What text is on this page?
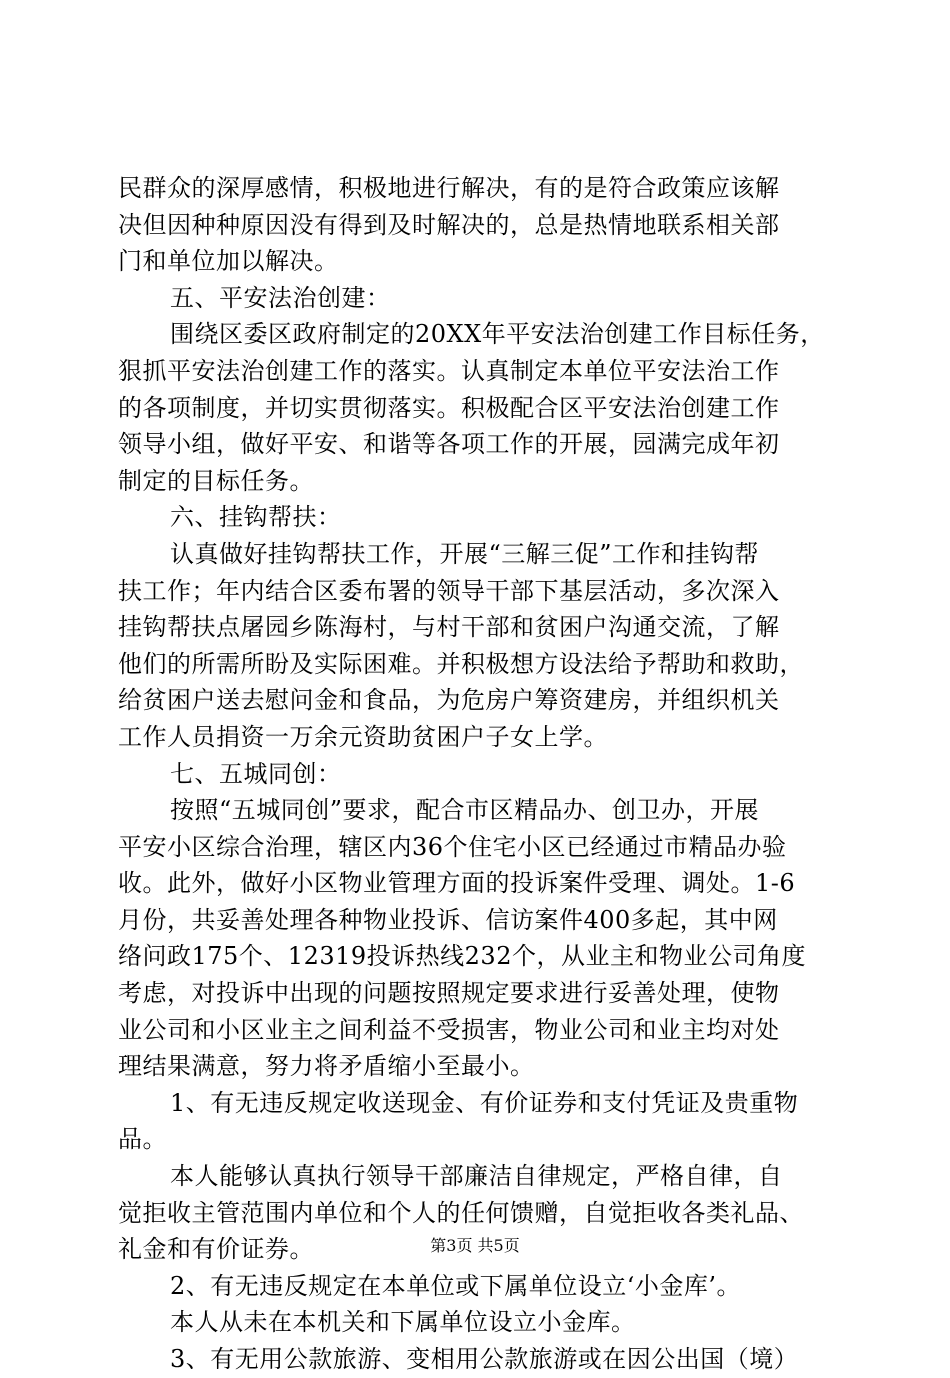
民群众的深厚感情，积极地进行解决，有的是符合政策应该解
决但因种种原因没有得到及时解决的，总是热情地联系相关部
门和单位加以解决。
五、平安法治创建：
围绕区委区政府制定的20XX年平安法治创建工作目标任务，
狠抓平安法治创建工作的落实。认真制定本单位平安法治工作
的各项制度，并切实贯彻落实。积极配合区平安法治创建工作
领导小组，做好平安、和谐等各项工作的开展，园满完成年初
制定的目标任务。
六、挂钩帮扶：
认真做好挂钩帮扶工作，开展“三解三促”工作和挂钩帮
扶工作；年内结合区委布署的领导干部下基层活动，多次深入
挂钩帮扶点屠园乡陈海村，与村干部和贫困户沟通交流，了解
他们的所需所盼及实际困难。并积极想方设法给予帮助和救助，
给贫困户送去慰问金和食品，为危房户筹资建房，并组织机关
工作人员捐资一万余元资助贫困户子女上学。
七、五城同创：
按照“五城同创”要求，配合市区精品办、创卫办，开展
平安小区综合治理，辖区内36个住宅小区已经通过市精品办验
收。此外，做好小区物业管理方面的投诉案件受理、调处。1-6
月份，共妥善处理各种物业投诉、信访案件400多起，其中网
络问政175个、12319投诉热线232个，从业主和物业公司角度
考虑，对投诉中出现的问题按照规定要求进行妥善处理，使物
业公司和小区业主之间利益不受损害，物业公司和业主均对处
理结果满意，努力将矛盾缩小至最小。
1、有无违反规定收送现金、有价证券和支付凭证及贵重物
品。
本人能够认真执行领导干部廉洁自律规定，严格自律，自
觉拒收主管范围内单位和个人的任何馈赠，自觉拒收各类礼品、
礼金和有价证券。
2、有无违反规定在本单位或下属单位设立‘小金库’。
本人从未在本机关和下属单位设立小金库。
3、有无用公款旅游、变相用公款旅游或在因公出国（境）
第3页 共5页
